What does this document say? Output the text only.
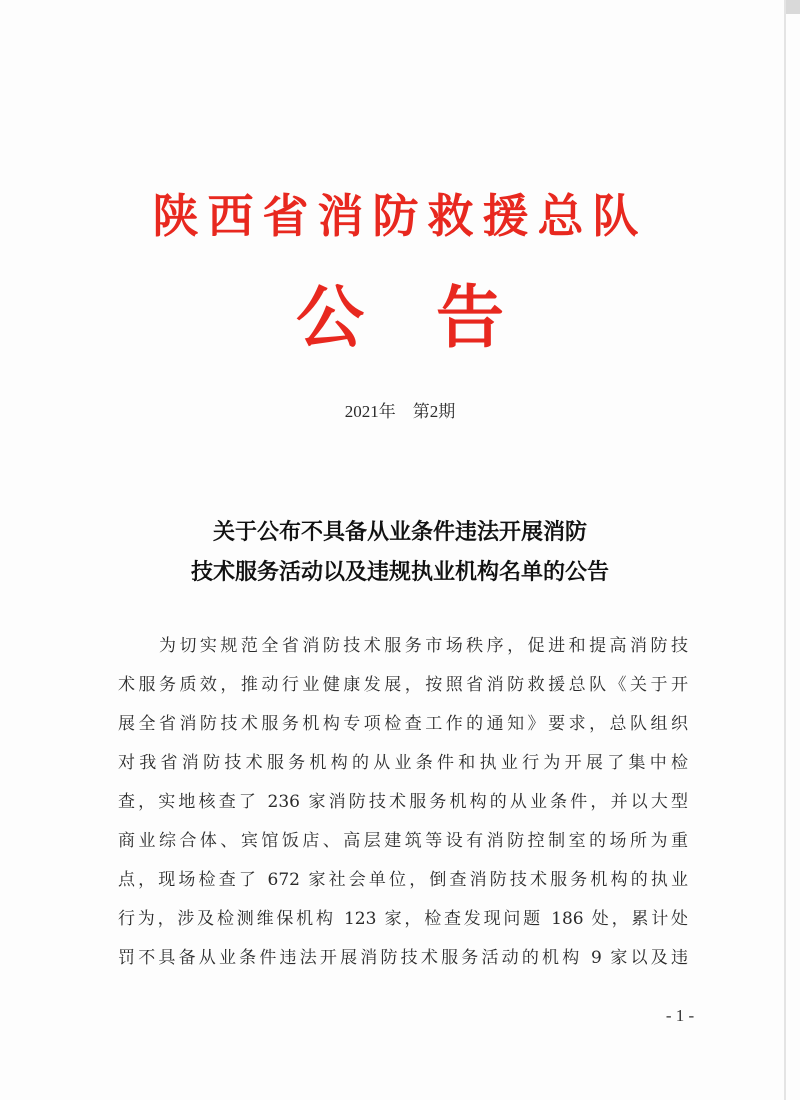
陕西省消防救援总队
公告
2021年　第2期
关于公布不具备从业条件违法开展消防
技术服务活动以及违规执业机构名单的公告
　　为切实规范全省消防技术服务市场秩序，促进和提高消防技
术服务质效，推动行业健康发展，按照省消防救援总队《关于开
展全省消防技术服务机构专项检查工作的通知》要求，总队组织
对我省消防技术服务机构的从业条件和执业行为开展了集中检
查，实地核查了 236 家消防技术服务机构的从业条件，并以大型
商业综合体、宾馆饭店、高层建筑等设有消防控制室的场所为重
点，现场检查了 672 家社会单位，倒查消防技术服务机构的执业
行为，涉及检测维保机构 123 家，检查发现问题 186 处，累计处
罚不具备从业条件违法开展消防技术服务活动的机构 9 家以及违
- 1 -
